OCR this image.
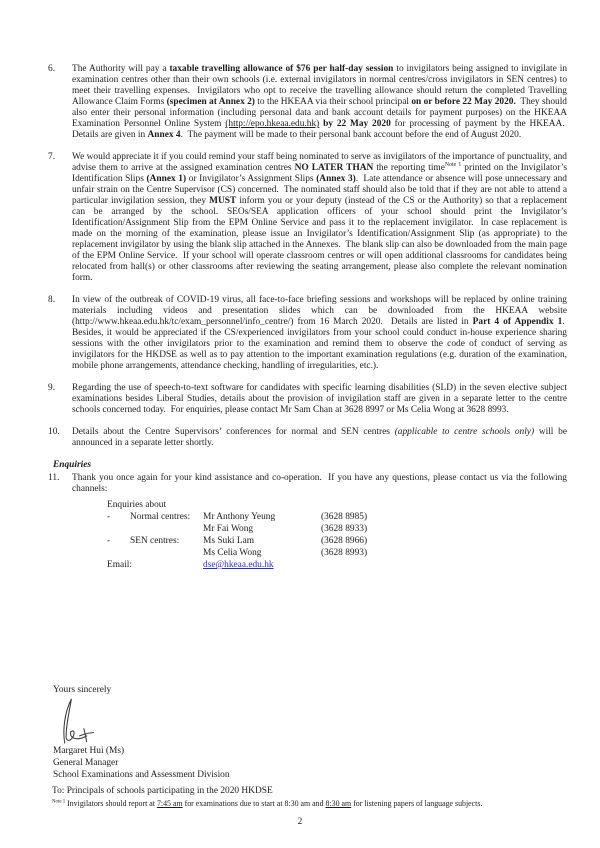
6.	The Authority will pay a taxable travelling allowance of $76 per half-day session to invigilators being assigned to invigilate in examination centres other than their own schools (i.e. external invigilators in normal centres/cross invigilators in SEN centres) to meet their travelling expenses.  Invigilators who opt to receive the travelling allowance should return the completed Travelling Allowance Claim Forms (specimen at Annex 2) to the HKEAA via their school principal on or before 22 May 2020.  They should also enter their personal information (including personal data and bank account details for payment purposes) on the HKEAA Examination Personnel Online System (http://epo.hkeaa.edu.hk) by 22 May 2020 for processing of payment by the HKEAA.  Details are given in Annex 4.  The payment will be made to their personal bank account before the end of August 2020.
7.	We would appreciate it if you could remind your staff being nominated to serve as invigilators of the importance of punctuality, and advise them to arrive at the assigned examination centres NO LATER THAN the reporting time$^{Note 1}$ printed on the Invigilator’s Identification Slips (Annex 1) or Invigilator’s Assignment Slips (Annex 3).  Late attendance or absence will pose unnecessary and unfair strain on the Centre Supervisor (CS) concerned.  The nominated staff should also be told that if they are not able to attend a particular invigilation session, they MUST inform you or your deputy (instead of the CS or the Authority) so that a replacement can be arranged by the school. SEOs/SEA application officers of your school should print the Invigilator’s Identification/Assignment Slip from the EPM Online Service and pass it to the replacement invigilator.  In case replacement is made on the morning of the examination, please issue an Invigilator’s Identification/Assignment Slip (as appropriate) to the replacement invigilator by using the blank slip attached in the Annexes.  The blank slip can also be downloaded from the main page of the EPM Online Service.  If your school will operate classroom centres or will open additional classrooms for candidates being relocated from hall(s) or other classrooms after reviewing the seating arrangement, please also complete the relevant nomination form.
8.	In view of the outbreak of COVID-19 virus, all face-to-face briefing sessions and workshops will be replaced by online training materials including videos and presentation slides which can be downloaded from the HKEAA website (http://www.hkeaa.edu.hk/tc/exam_personnel/info_centre/) from 16 March 2020.  Details are listed in Part 4 of Appendix 1.  Besides, it would be appreciated if the CS/experienced invigilators from your school could conduct in-house experience sharing sessions with the other invigilators prior to the examination and remind them to observe the code of conduct of serving as invigilators for the HKDSE as well as to pay attention to the important examination regulations (e.g. duration of the examination, mobile phone arrangements, attendance checking, handling of irregularities, etc.).
9.	Regarding the use of speech-to-text software for candidates with specific learning disabilities (SLD) in the seven elective subject examinations besides Liberal Studies, details about the provision of invigilation staff are given in a separate letter to the centre schools concerned today.  For enquiries, please contact Mr Sam Chan at 3628 8997 or Ms Celia Wong at 3628 8993.
10.	Details about the Centre Supervisors’ conferences for normal and SEN centres (applicable to centre schools only) will be announced in a separate letter shortly.
Enquiries
11.	Thank you once again for your kind assistance and co-operation.  If you have any questions, please contact us via the following channels:
Enquiries about
-	Normal centres:	Mr Anthony Yeung	(3628 8985)
Mr Fai Wong	(3628 8933)
-	SEN centres:	Ms Suki Lam	(3628 8966)
Ms Celia Wong	(3628 8993)
Email:	dse@hkeaa.edu.hk
Yours sincerely
Margaret Hui (Ms)
General Manager
School Examinations and Assessment Division
To: Principals of schools participating in the 2020 HKDSE
$^{Note 1}$ Invigilators should report at 7:45 am for examinations due to start at 8:30 am and 8:30 am for listening papers of language subjects.
2
